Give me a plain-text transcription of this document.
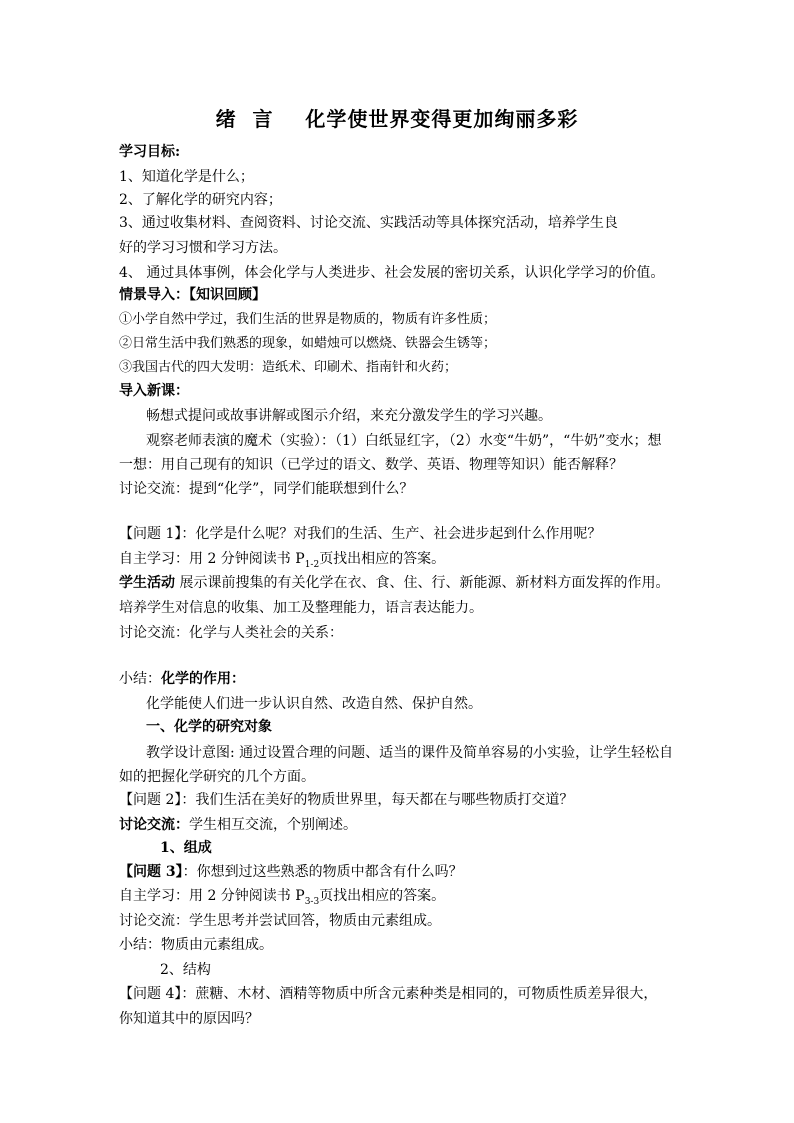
绪  言    化学使世界变得更加绚丽多彩
学习目标:
1、知道化学是什么；
2、了解化学的研究内容；
3、通过收集材料、查阅资料、讨论交流、实践活动等具体探究活动，培养学生良
好的学习习惯和学习方法。
4、 通过具体事例，体会化学与人类进步、社会发展的密切关系，认识化学学习的价值。
情景导入：【知识回顾】
①小学自然中学过，我们生活的世界是物质的，物质有许多性质；
②日常生活中我们熟悉的现象，如蜡烛可以燃烧、铁器会生锈等；
③我国古代的四大发明：造纸术、印刷术、指南针和火药；
导入新课：
畅想式提问或故事讲解或图示介绍，来充分激发学生的学习兴趣。
观察老师表演的魔术（实验）：（1）白纸显红字，（2）水变“牛奶”，“牛奶”变水；想
一想：用自己现有的知识（已学过的语文、数学、英语、物理等知识）能否解释？
讨论交流：提到“化学”，同学们能联想到什么？
【问题 1】：化学是什么呢？对我们的生活、生产、社会进步起到什么作用呢？
自主学习：用 2 分钟阅读书 $P_{1-2}$页找出相应的答案。
学生活动 展示课前搜集的有关化学在衣、食、住、行、新能源、新材料方面发挥的作用。
培养学生对信息的收集、加工及整理能力，语言表达能力。
讨论交流：化学与人类社会的关系：
小结：化学的作用：
化学能使人们进一步认识自然、改造自然、保护自然。
一、化学的研究对象
教学设计意图: 通过设置合理的问题、适当的课件及简单容易的小实验，让学生轻松自
如的把握化学研究的几个方面。
【问题 2】：我们生活在美好的物质世界里，每天都在与哪些物质打交道？
讨论交流：学生相互交流，个别阐述。
1、组成
【问题 3】：你想到过这些熟悉的物质中都含有什么吗？
自主学习：用 2 分钟阅读书 $P_{3-3}$页找出相应的答案。
讨论交流：学生思考并尝试回答，物质由元素组成。
小结：物质由元素组成。
2、结构
【问题 4】：蔗糖、木材、酒精等物质中所含元素种类是相同的，可物质性质差异很大，
你知道其中的原因吗？
